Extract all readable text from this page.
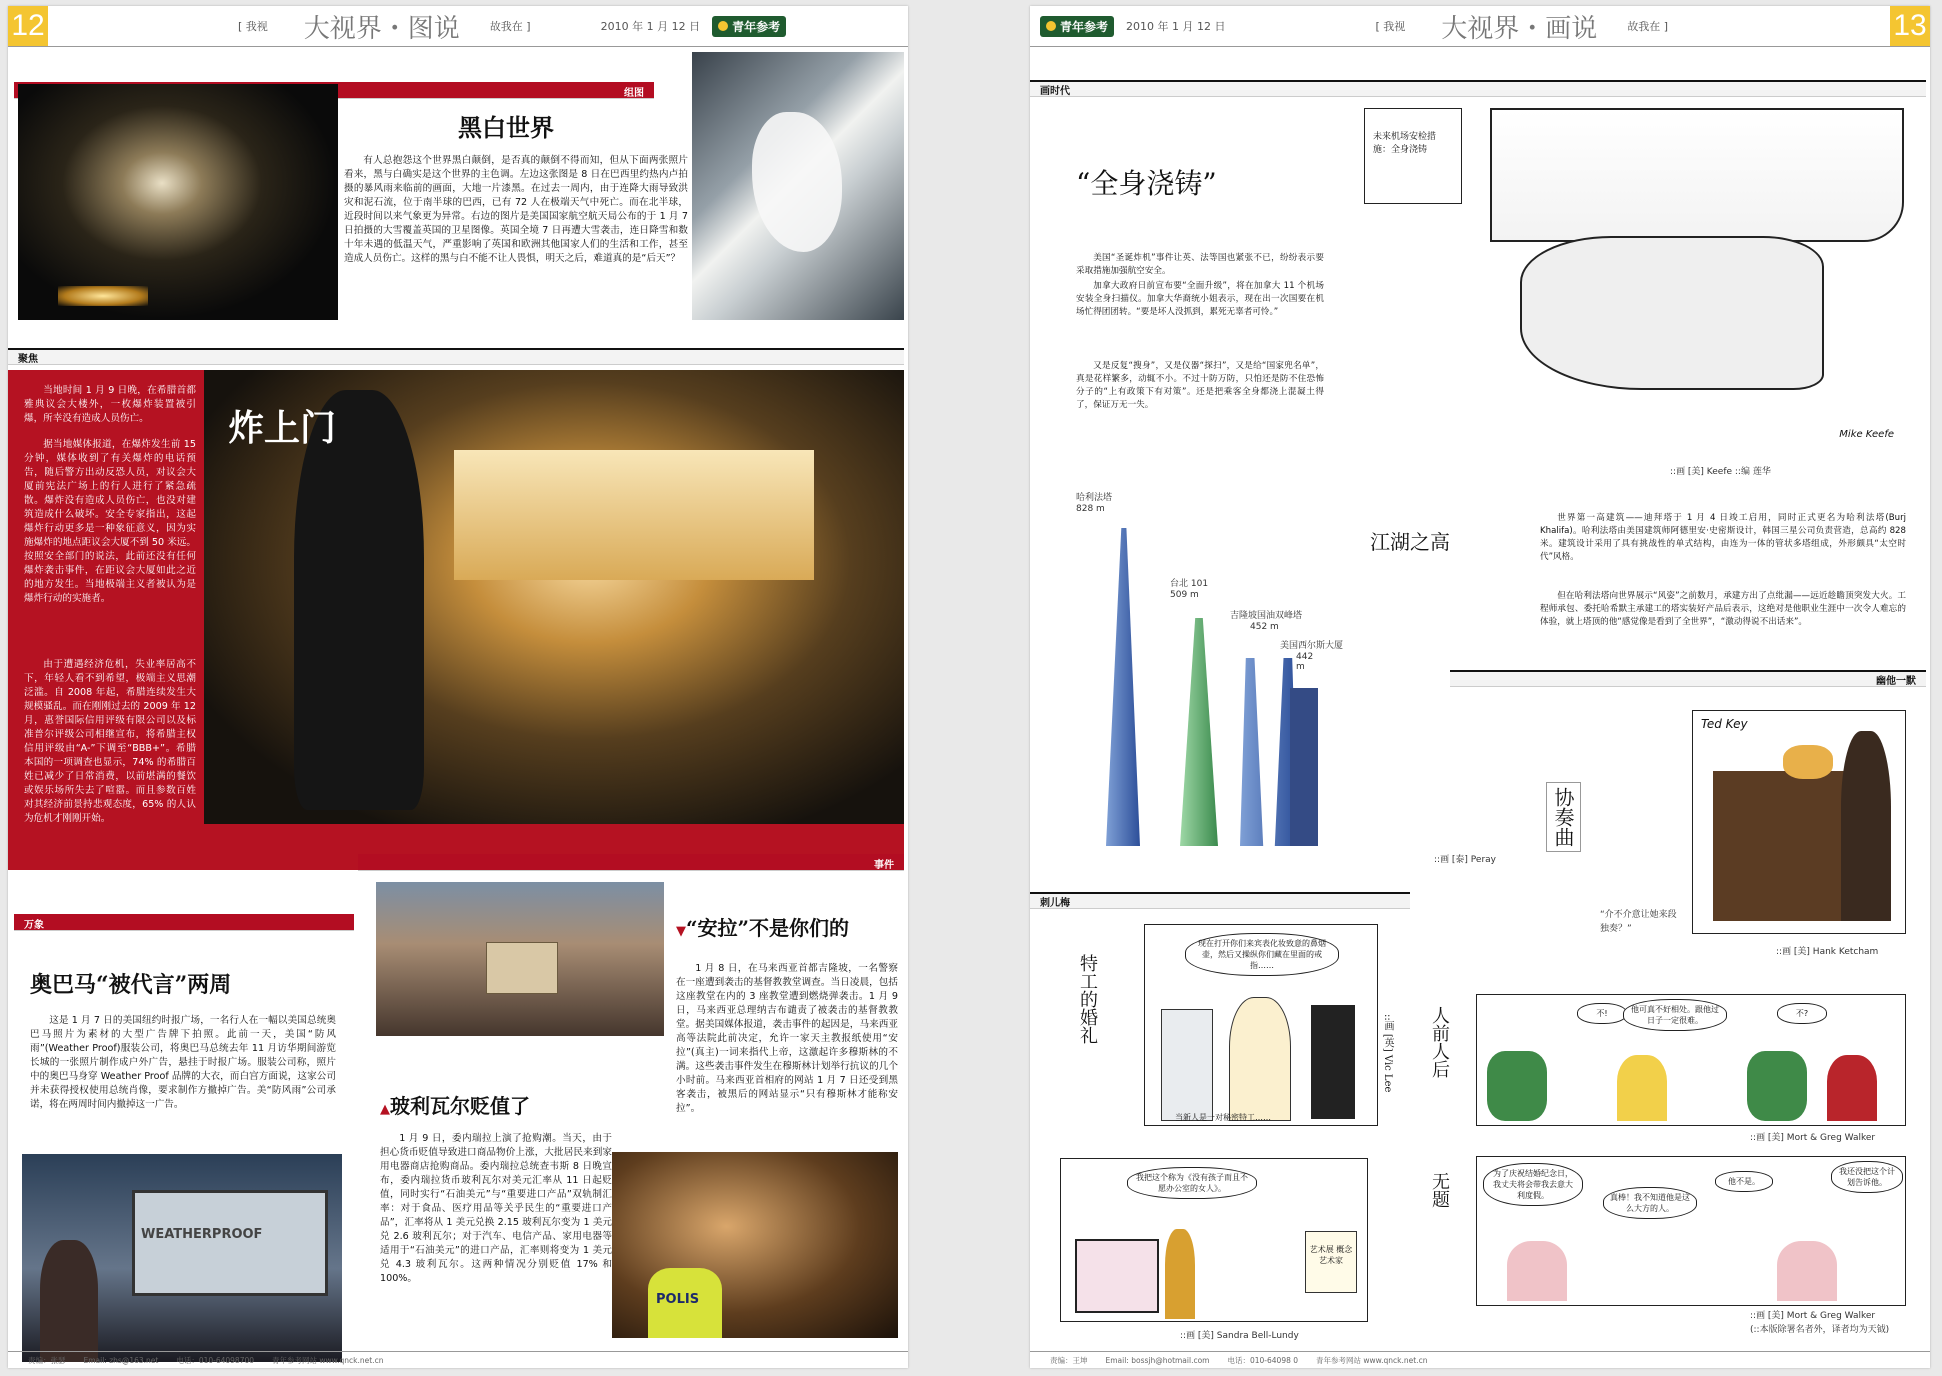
12	[ 我视 大视界・图说	故我在 ]	2010 年 1 月 12 日	青年参考
组图
黑白世界
有人总抱怨这个世界黑白颠倒，是否真的颠倒不得而知，但从下面两张照片看来，黑与白确实是这个世界的主色调。左边这张图是 8 日在巴西里约热内卢拍摄的暴风雨来临前的画面，大地一片漆黑。在过去一周内，由于连降大雨导致洪灾和泥石流，位于南半球的巴西，已有 72 人在极端天气中死亡。而在北半球，近段时间以来气象更为异常。右边的图片是美国国家航空航天局公布的于 1 月 7 日拍摄的大雪覆盖英国的卫星图像。英国全境 7 日再遭大雪袭击，连日降雪和数十年未遇的低温天气，严重影响了英国和欧洲其他国家人们的生活和工作，甚至造成人员伤亡。这样的黑与白不能不让人畏惧，明天之后，难道真的是“后天”？
聚焦
炸上门
当地时间 1 月 9 日晚，在希腊首都雅典议会大楼外，一枚爆炸装置被引爆，所幸没有造成人员伤亡。
据当地媒体报道，在爆炸发生前 15 分钟，媒体收到了有关爆炸的电话预告，随后警方出动反恐人员，对议会大厦前宪法广场上的行人进行了紧急疏散。爆炸没有造成人员伤亡，也没对建筑造成什么破坏。安全专家指出，这起爆炸行动更多是一种象征意义，因为实施爆炸的地点距议会大厦不到 50 米远。按照安全部门的说法，此前还没有任何爆炸袭击事件，在距议会大厦如此之近的地方发生。当地极端主义者被认为是爆炸行动的实施者。
由于遭遇经济危机，失业率居高不下，年轻人看不到希望，极端主义思潮泛滥。自 2008 年起，希腊连续发生大规模骚乱。而在刚刚过去的 2009 年 12 月，惠誉国际信用评级有限公司以及标准普尔评级公司相继宣布，将希腊主权信用评级由“A-”下调至“BBB+”。希腊本国的一项调查也显示，74% 的希腊百姓已减少了日常消费，以前堪满的餐饮或娱乐场所失去了喧嚣。而且参数百姓对其经济前景持悲观态度，65% 的人认为危机才刚刚开始。
万象
奥巴马“被代言”两周
这是 1 月 7 日的美国纽约时报广场，一名行人在一幅以美国总统奥巴马照片为素材的大型广告牌下拍照。此前一天，美国“防风雨”(Weather Proof)服装公司，将奥巴马总统去年 11 月访华期间游览长城的一张照片制作成户外广告，悬挂于时报广场。服装公司称，照片中的奥巴马身穿 Weather Proof 品牌的大衣，而白宫方面说，这家公司并未获得授权使用总统肖像，要求制作方撤掉广告。美“防风雨”公司承诺，将在两周时间内撤掉这一广告。
WEATHERPROOF
事件
▼“安拉”不是你们的
1 月 8 日，在马来西亚首都吉隆坡，一名警察在一座遭到袭击的基督教教堂调查。当日凌晨，包括这座教堂在内的 3 座教堂遭到燃烧弹袭击。1 月 9 日，马来西亚总理纳吉布谴责了被袭击的基督教教堂。据美国媒体报道，袭击事件的起因是，马来西亚高等法院此前决定，允许一家天主教报纸使用“安拉”(真主)一词来指代上帝，这激起许多穆斯林的不满。这些袭击事件发生在穆斯林计划举行抗议的几个小时前。马来西亚首相府的网站 1 月 7 日还受到黑客袭击，被黑后的网站显示“只有穆斯林才能称安拉”。
▲玻利瓦尔贬值了
1 月 9 日，委内瑞拉上演了抢购潮。当天，由于担心货币贬值导致进口商品物价上涨，大批居民来到家用电器商店抢购商品。委内瑞拉总统查韦斯 8 日晚宣布，委内瑞拉货币玻利瓦尔对美元汇率从 11 日起贬值，同时实行“石油美元”与“重要进口产品”双轨制汇率：对于食品、医疗用品等关乎民生的“重要进口产品”，汇率将从 1 美元兑换 2.15 玻利瓦尔变为 1 美元兑 2.6 玻利瓦尔；对于汽车、电信产品、家用电器等适用于“石油美元”的进口产品，汇率则将变为 1 美元兑 4.3 玻利瓦尔。这两种情况分别贬值 17% 和 100%。
POLIS
责编：张瑟 Email: zhs@163.net 电话：010-64098700 青年参考网站 www.qnck.net.cn
青年参考 2010 年 1 月 12 日	[ 我视 大视界・画说	故我在 ]	13
画时代
“全身浇铸”
美国“圣诞炸机”事件让英、法等国也紧张不已，纷纷表示要采取措施加强航空安全。
加拿大政府日前宣布要“全面升级”，将在加拿大 11 个机场安装全身扫描仪。加拿大华裔统小姐表示，现在出一次国要在机场忙得团团转。“要是坏人没抓到，累死无辜者可怜。”
又是反复“搜身”，又是仪器“探扫”，又是给“国家兜名单”，真是花样繁多，动辄不小。不过十防万防，只怕还是防不住恐怖分子的“上有政策下有对策”。还是把乘客全身都浇上混凝土得了，保证万无一失。
未来机场安检措施：全身浇铸
Mike Keefe
::画 [美] Keefe ::编 莲华
江湖之高
世界第一高建筑——迪拜塔于 1 月 4 日竣工启用，同时正式更名为哈利法塔(Burj Khalifa)。哈利法塔由美国建筑师阿德里安·史密斯设计，韩国三星公司负责营造，总高约 828 米。建筑设计采用了具有挑战性的单式结构，由连为一体的管状多塔组成，外形颇具“太空时代”风格。
但在哈利法塔向世界展示“风姿”之前数月，承建方出了点纰漏——远近趁瞻顶突发大火。工程师承包、委托哈希默主承建工的塔实装好产品后表示，这绝对是他职业生涯中一次令人难忘的体验，就上塔顶的他“感觉像是看到了全世界”，“激动得说不出话来”。
哈利法塔
828 m
台北 101
509 m
吉隆坡国油双峰塔
452 m
美国西尔斯大厦
442 m
::画 [泰] Peray
幽他一默
协奏曲
Ted Key
“介不介意让她来段独奏？”
::画 [美] Hank Ketcham
刺儿梅
特工的婚礼
现在打开你们来宾表化妆致意的鼻烟壶，然后又操纵你们藏在里面的戒指……
当新人是一对秘密特工……
::画 [英] Vic Lee
我把这个称为《没有孩子而且不愿办公室的女人》。
艺术展 概念艺术家
::画 [美] Sandra Bell-Lundy
人前人后	不!	他可真不好相处。跟他过日子一定很难。
不?
::画 [美] Mort & Greg Walker
无题	为了庆祝结婚纪念日，我丈夫将会带我去意大利度假。	真棒！我不知道他是这么大方的人。
他不是。
我还没把这个计划告诉他。
::画 [美] Mort & Greg Walker
(::本版除署名者外，译者均为天钺)
责编：王坤 Email: bossjh@hotmail.com 电话：010-64098 0 青年参考网站 www.qnck.net.cn
